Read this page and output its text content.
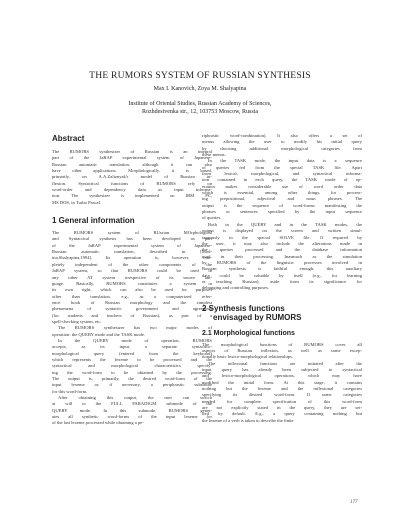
THE RUMORS SYSTEM OF RUSSIAN SYNTHESIS
Max I. Kanovich, Zoya M. Shalyapina
Institute of Oriental Studies, Russian Academy of Sciences,
Rozhdestvenka str., 12, 103753 Moscow, Russia
Abstract
The RUMORS synthesizer of Russian is an integral
part of the JaRAP experimental system of Japanese-
Russian automatic translation, although it can also
have other applications. Morphologically, it is based,
primarily, on A.A.Zaliznyak's model of Russian in-
flexion. Syntactical functions of RUMORS rely on
word-order and dependency data as input informa-
tion. The synthesizer is implemented on IBM PC,
MS DOS, in Turbo Pascal.
1 General information
The RUMORS system of RUssian MOrphological
and Syntactical synthesis has been developed as part
of the JaRAP experimental system of Japanese-
Russian automatic translation, described in [Mod-
ina,Shalyapina,1994]. Its operation is, however, com-
pletely independent of the other components of the
JaRAP system, so that RUMORS could be used in
any other AT system irrespective of its source lan-
guage. Basically, RUMORS constitutes a system in
its own right, which can also be used for purposes
other than translation, e.g., as a computerized refer-
ence book of Russian morphology and the simplest
phenomena of syntactic government and agreement
(for students and teachers of Russian), as part of a
spell-checking system, etc.
The RUMORS synthesizer has two major modes of
operation: the QUERY mode and the TASK mode.
In the QUERY mode of operation, RUMORS
accepts, as its input, a separate syntactico-
morphological query (entered from the keyboard)
which represents the lexeme to be processed and the
syntactical and morphological characteristics specify-
ing the word-form to be obtained by the processing.
The output is, primarily, the desired word-form of the
input lexeme or, if necessary, a periphrastic substitute
for this word-form.
After obtaining this output, the user can switch
at will to the FULL PARADIGM submode of the
QUERY mode. In this submode, RUMORS gener-
ates all synthetic word-forms of the input lexeme (or
of the last lexeme processed while obtaining a pe-
riphrastic word-combination). It also offers a set of
menus allowing the user to modify his initial query
by choosing additional morphological categories from
these menus.
In the TASK mode, the input data is a sequence
of queries fed from the special TASK file. Apart
from lexical, morphological, and syntactical informa-
tion contained in each query, the TASK mode of op-
eration makes considerable use of word order data
which is essential, among other things, for process-
ing prepositional, adjectival and noun phrases. The
output is the sequence of word-forms manifesting the
phrases or sentences specified by the input sequence
of queries.
Both in the QUERY and in the TASK modes, the
output is displayed on the screen and written simul-
taneously in the special SOLVE file. If required by
the user, it may also include the alterations made in
the queries processed and the database information
used in their processing. Inasmuch as the simulation
by RUMORS of the linguistic processes involved in
Russian synthesis is faithful enough, this auxiliary
data could be valuable by itself (e.g., for learning
or teaching Russian), aside from its significance for
debugging and controlling purposes.
2 Synthesis functions
envisaged by RUMORS
2.1 Morphological functions
The morphological functions of RUMORS cover all
aspects of Russian inflexion, as well as some excep-
tionally basic lexico-morphological relationships.
The inflexional functions are initiated after the
input query has already been subjected to syntactical
and lexico-morphological operations, which may have
modified the initial form. At this stage, it contains
nothing but the lexeme and the inflexional categories
specifying its desired word-form. If some categories
needed for complete specification of this word-form
are not explicitly stated in the query, they are set-
tled by default. E.g., a query containing nothing but
the lexeme of a verb is taken to describe the finite
177
